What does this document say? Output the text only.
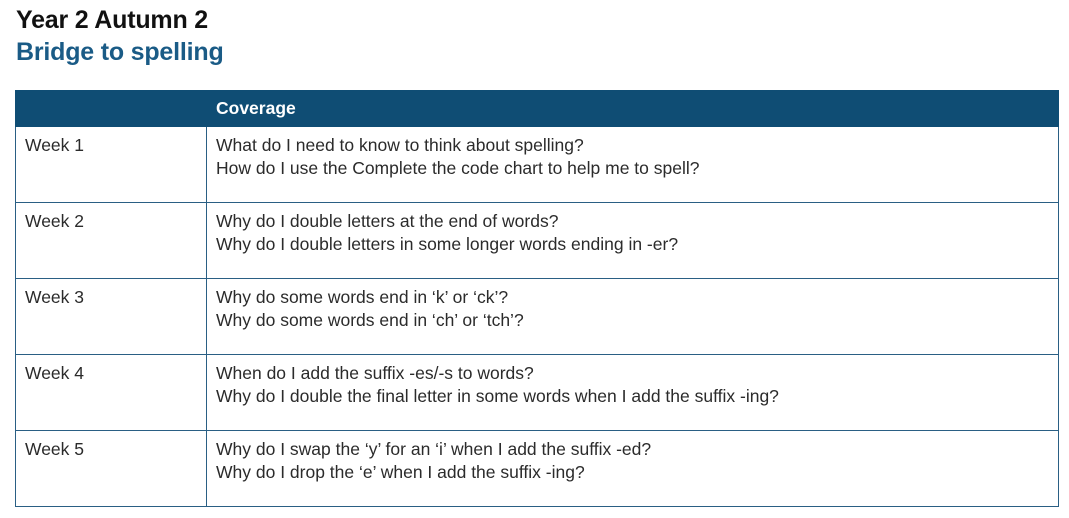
Year 2 Autumn 2
Bridge to spelling
	Coverage
Week 1	What do I need to know to think about spelling?
How do I use the Complete the code chart to help me to spell?

Week 2	Why do I double letters at the end of words?
Why do I double letters in some longer words ending in -er?

Week 3	Why do some words end in ‘k’ or ‘ck’?
Why do some words end in ‘ch’ or ‘tch’?

Week 4	When do I add the suffix -es/-s to words?
Why do I double the final letter in some words when I add the suffix -ing?

Week 5	Why do I swap the ‘y’ for an ‘i’ when I add the suffix -ed?
Why do I drop the ‘e’ when I add the suffix -ing?
